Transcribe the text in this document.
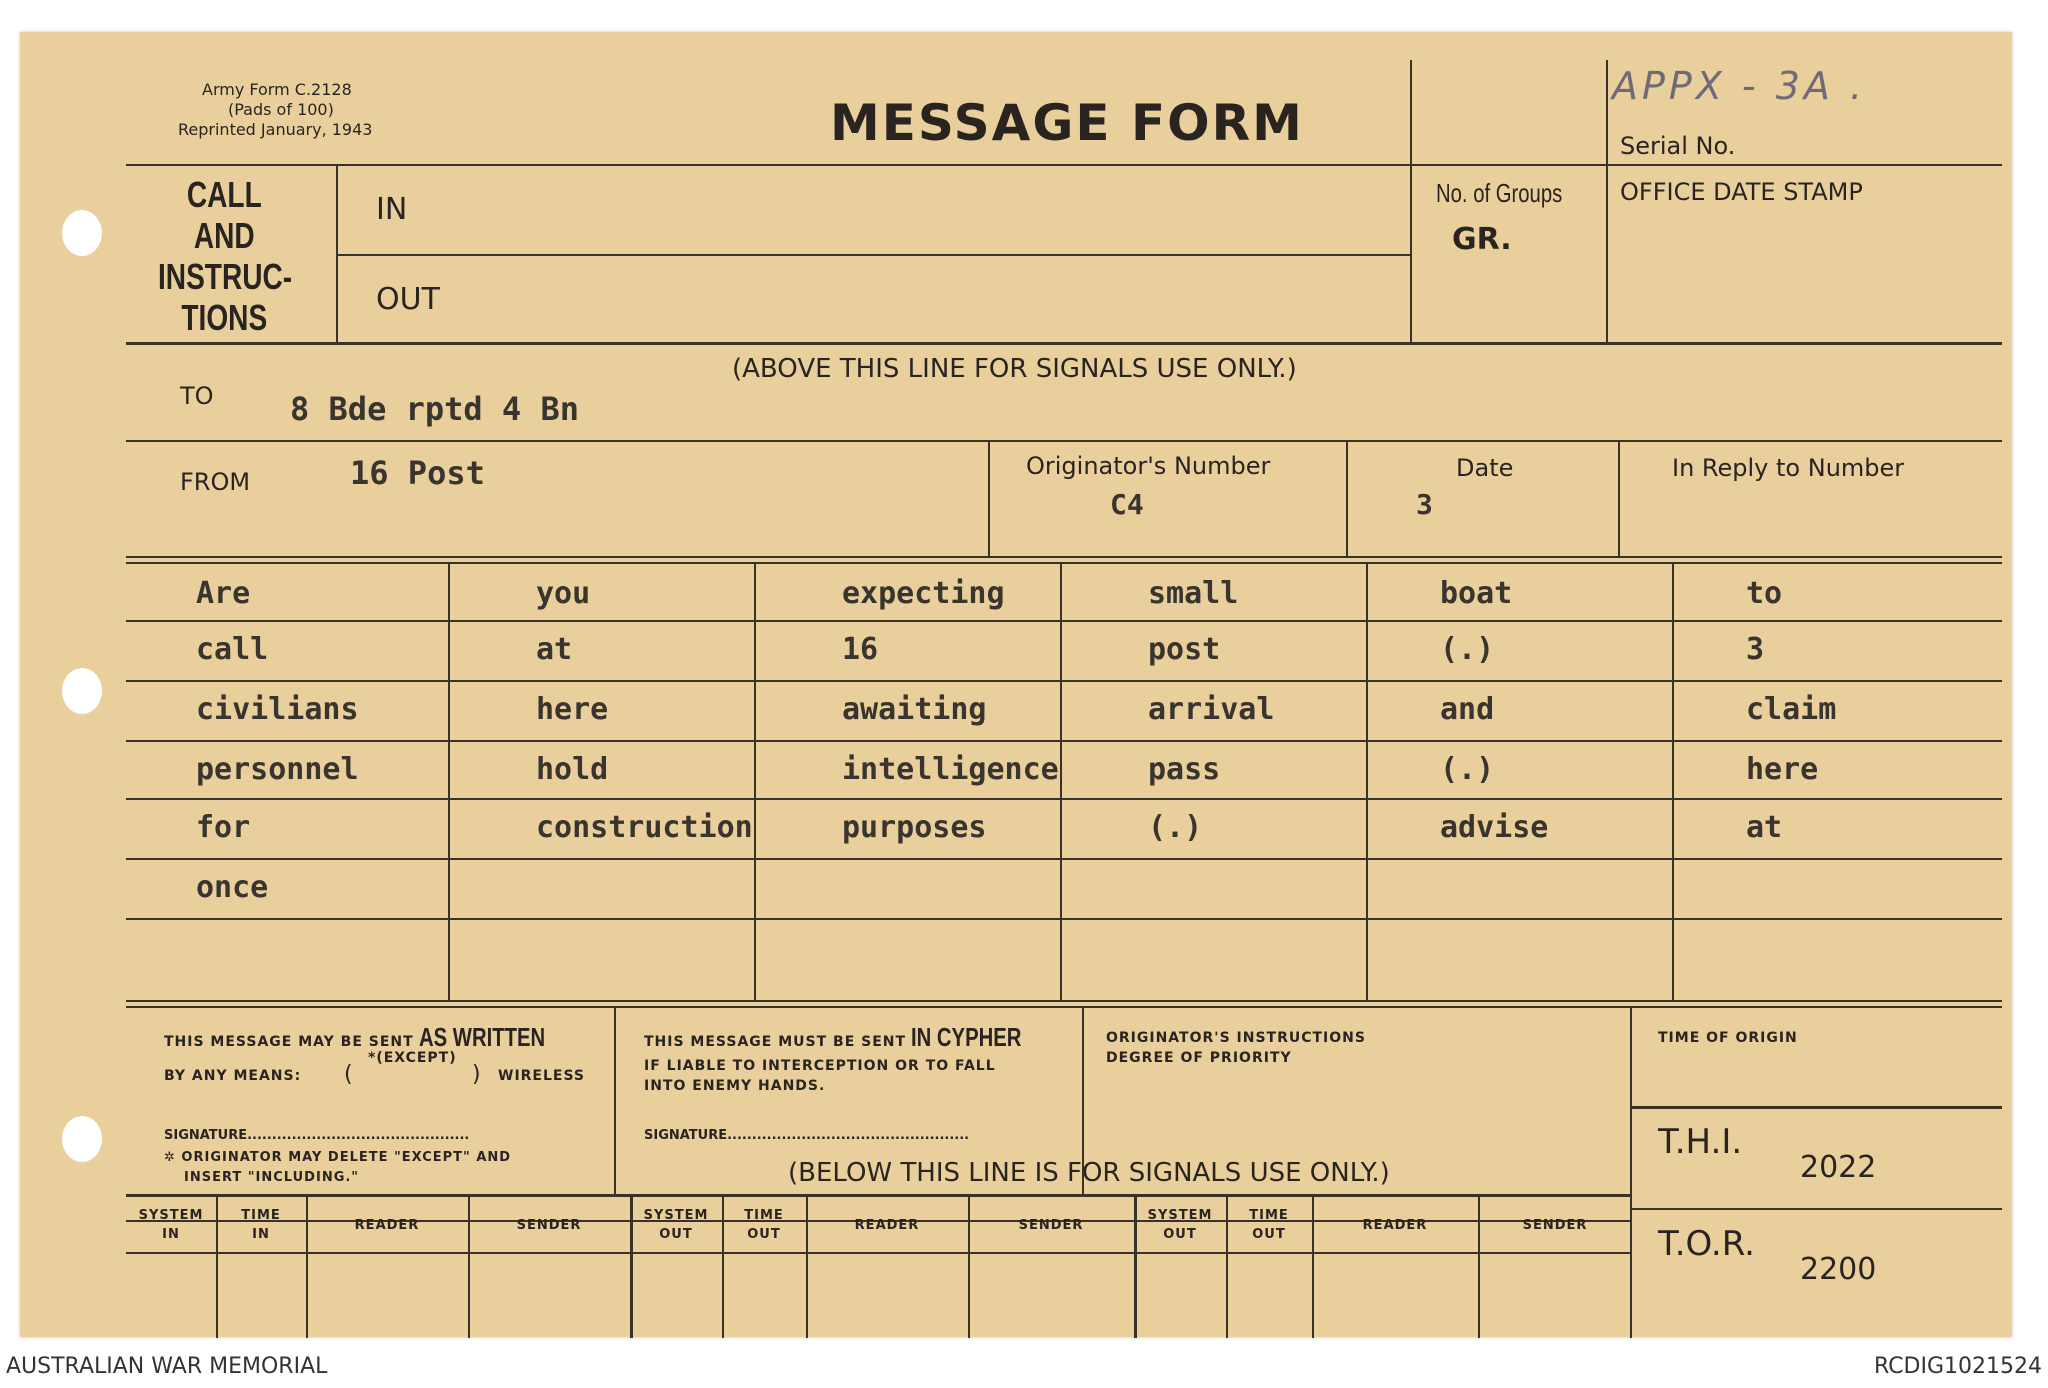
Army Form C.2128
(Pads of 100)
Reprinted January, 1943	MESSAGE FORM
APPX - 3A .
Serial No.
CALL
AND
INSTRUC-
TIONS
IN
OUT
No. of Groups
GR.
OFFICE DATE STAMP
(ABOVE THIS LINE FOR SIGNALS USE ONLY.)
TO 8 Bde rptd 4 Bn
FROM	16 Post	Originator's Number
C4
Date
3
In Reply to Number
Are	you	expecting	small	boat	to
call	at	16	post	(.)	3
civilians	here	awaiting	arrival	and	claim
personnel	hold	intelligence	pass	(.)	here
for	construction	purposes	(.)	advise	at
once
THIS MESSAGE MAY BE SENT AS WRITTEN
BY ANY MEANS: (
*(EXCEPT)
) WIRELESS
SIGNATURE.............................................
✲ ORIGINATOR MAY DELETE "EXCEPT" AND
INSERT "INCLUDING."
THIS MESSAGE MUST BE SENT IN CYPHER
IF LIABLE TO INTERCEPTION OR TO FALL
INTO ENEMY HANDS.
SIGNATURE.................................................
ORIGINATOR'S INSTRUCTIONS
DEGREE OF PRIORITY
TIME OF ORIGIN
(BELOW THIS LINE IS FOR SIGNALS USE ONLY.)
T.H.I.
2022
T.O.R.
2200
SYSTEM
IN
TIME
IN
READER	SENDER
SYSTEM
OUT
TIME
OUT
READER	SENDER
SYSTEM
OUT
TIME
OUT
READER	SENDER
AUSTRALIAN WAR MEMORIAL	RCDIG1021524
